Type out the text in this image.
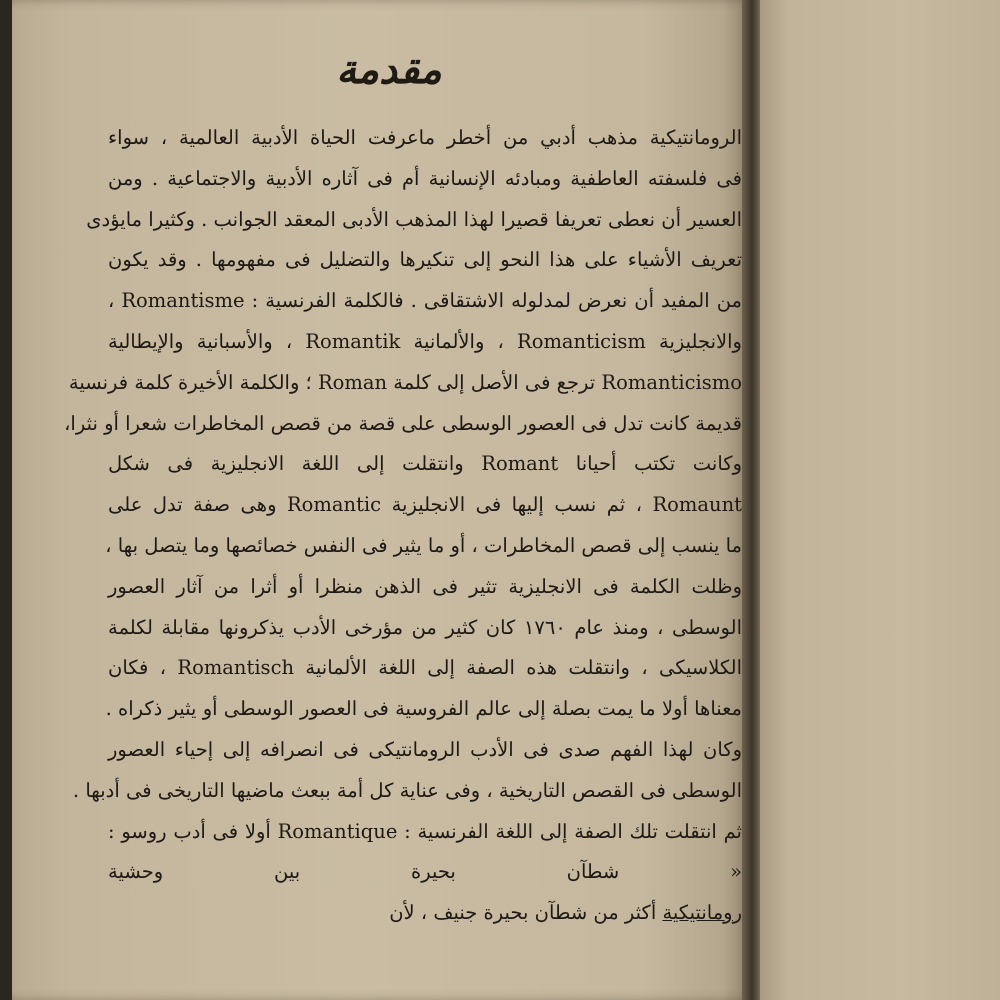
مقدمة
الرومانتيكية مذهب أدبي من أخطر ماعرفت الحياة الأدبية العالمية ، سواء
فى فلسفته العاطفية ومبادئه الإنسانية أم فى آثاره الأدبية والاجتماعية . ومن
العسير أن نعطى تعريفا قصيرا لهذا المذهب الأدبى المعقد الجوانب . وكثيرا مايؤدى
تعريف الأشياء على هذا النحو إلى تنكيرها والتضليل فى مفهومها . وقد يكون
من المفيد أن نعرض لمدلوله الاشتقاقى . فالكلمة الفرنسية : Romantisme ،
والانجليزية Romanticism ، والألمانية Romantik ، والأسبانية والإيطالية
Romanticismo ترجع فى الأصل إلى كلمة Roman ؛ والكلمة الأخيرة كلمة فرنسية
قديمة كانت تدل فى العصور الوسطى على قصة من قصص المخاطرات شعرا أو نثرا،
وكانت تكتب أحيانا Romant وانتقلت إلى اللغة الانجليزية فى شكل
Romaunt ، ثم نسب إليها فى الانجليزية Romantic وهى صفة تدل على
ما ينسب إلى قصص المخاطرات ، أو ما يثير فى النفس خصائصها وما يتصل بها ،
وظلت الكلمة فى الانجليزية تثير فى الذهن منظرا أو أثرا من آثار العصور
الوسطى ، ومنذ عام ١٧٦٠ كان كثير من مؤرخى الأدب يذكرونها مقابلة لكلمة
الكلاسيكى ، وانتقلت هذه الصفة إلى اللغة الألمانية Romantisch ، فكان
معناها أولا ما يمت بصلة إلى عالم الفروسية فى العصور الوسطى أو يثير ذكراه .
وكان لهذا الفهم صدى فى الأدب الرومانتيكى فى انصرافه إلى إحياء العصور
الوسطى فى القصص التاريخية ، وفى عناية كل أمة ببعث ماضيها التاريخى فى أدبها .
ثم انتقلت تلك الصفة إلى اللغة الفرنسية : Romantique أولا فى أدب روسو :
« شطآن بحيرة بين وحشية
رومانتيكية أكثر من شطآن بحيرة جنيف ، لأن
